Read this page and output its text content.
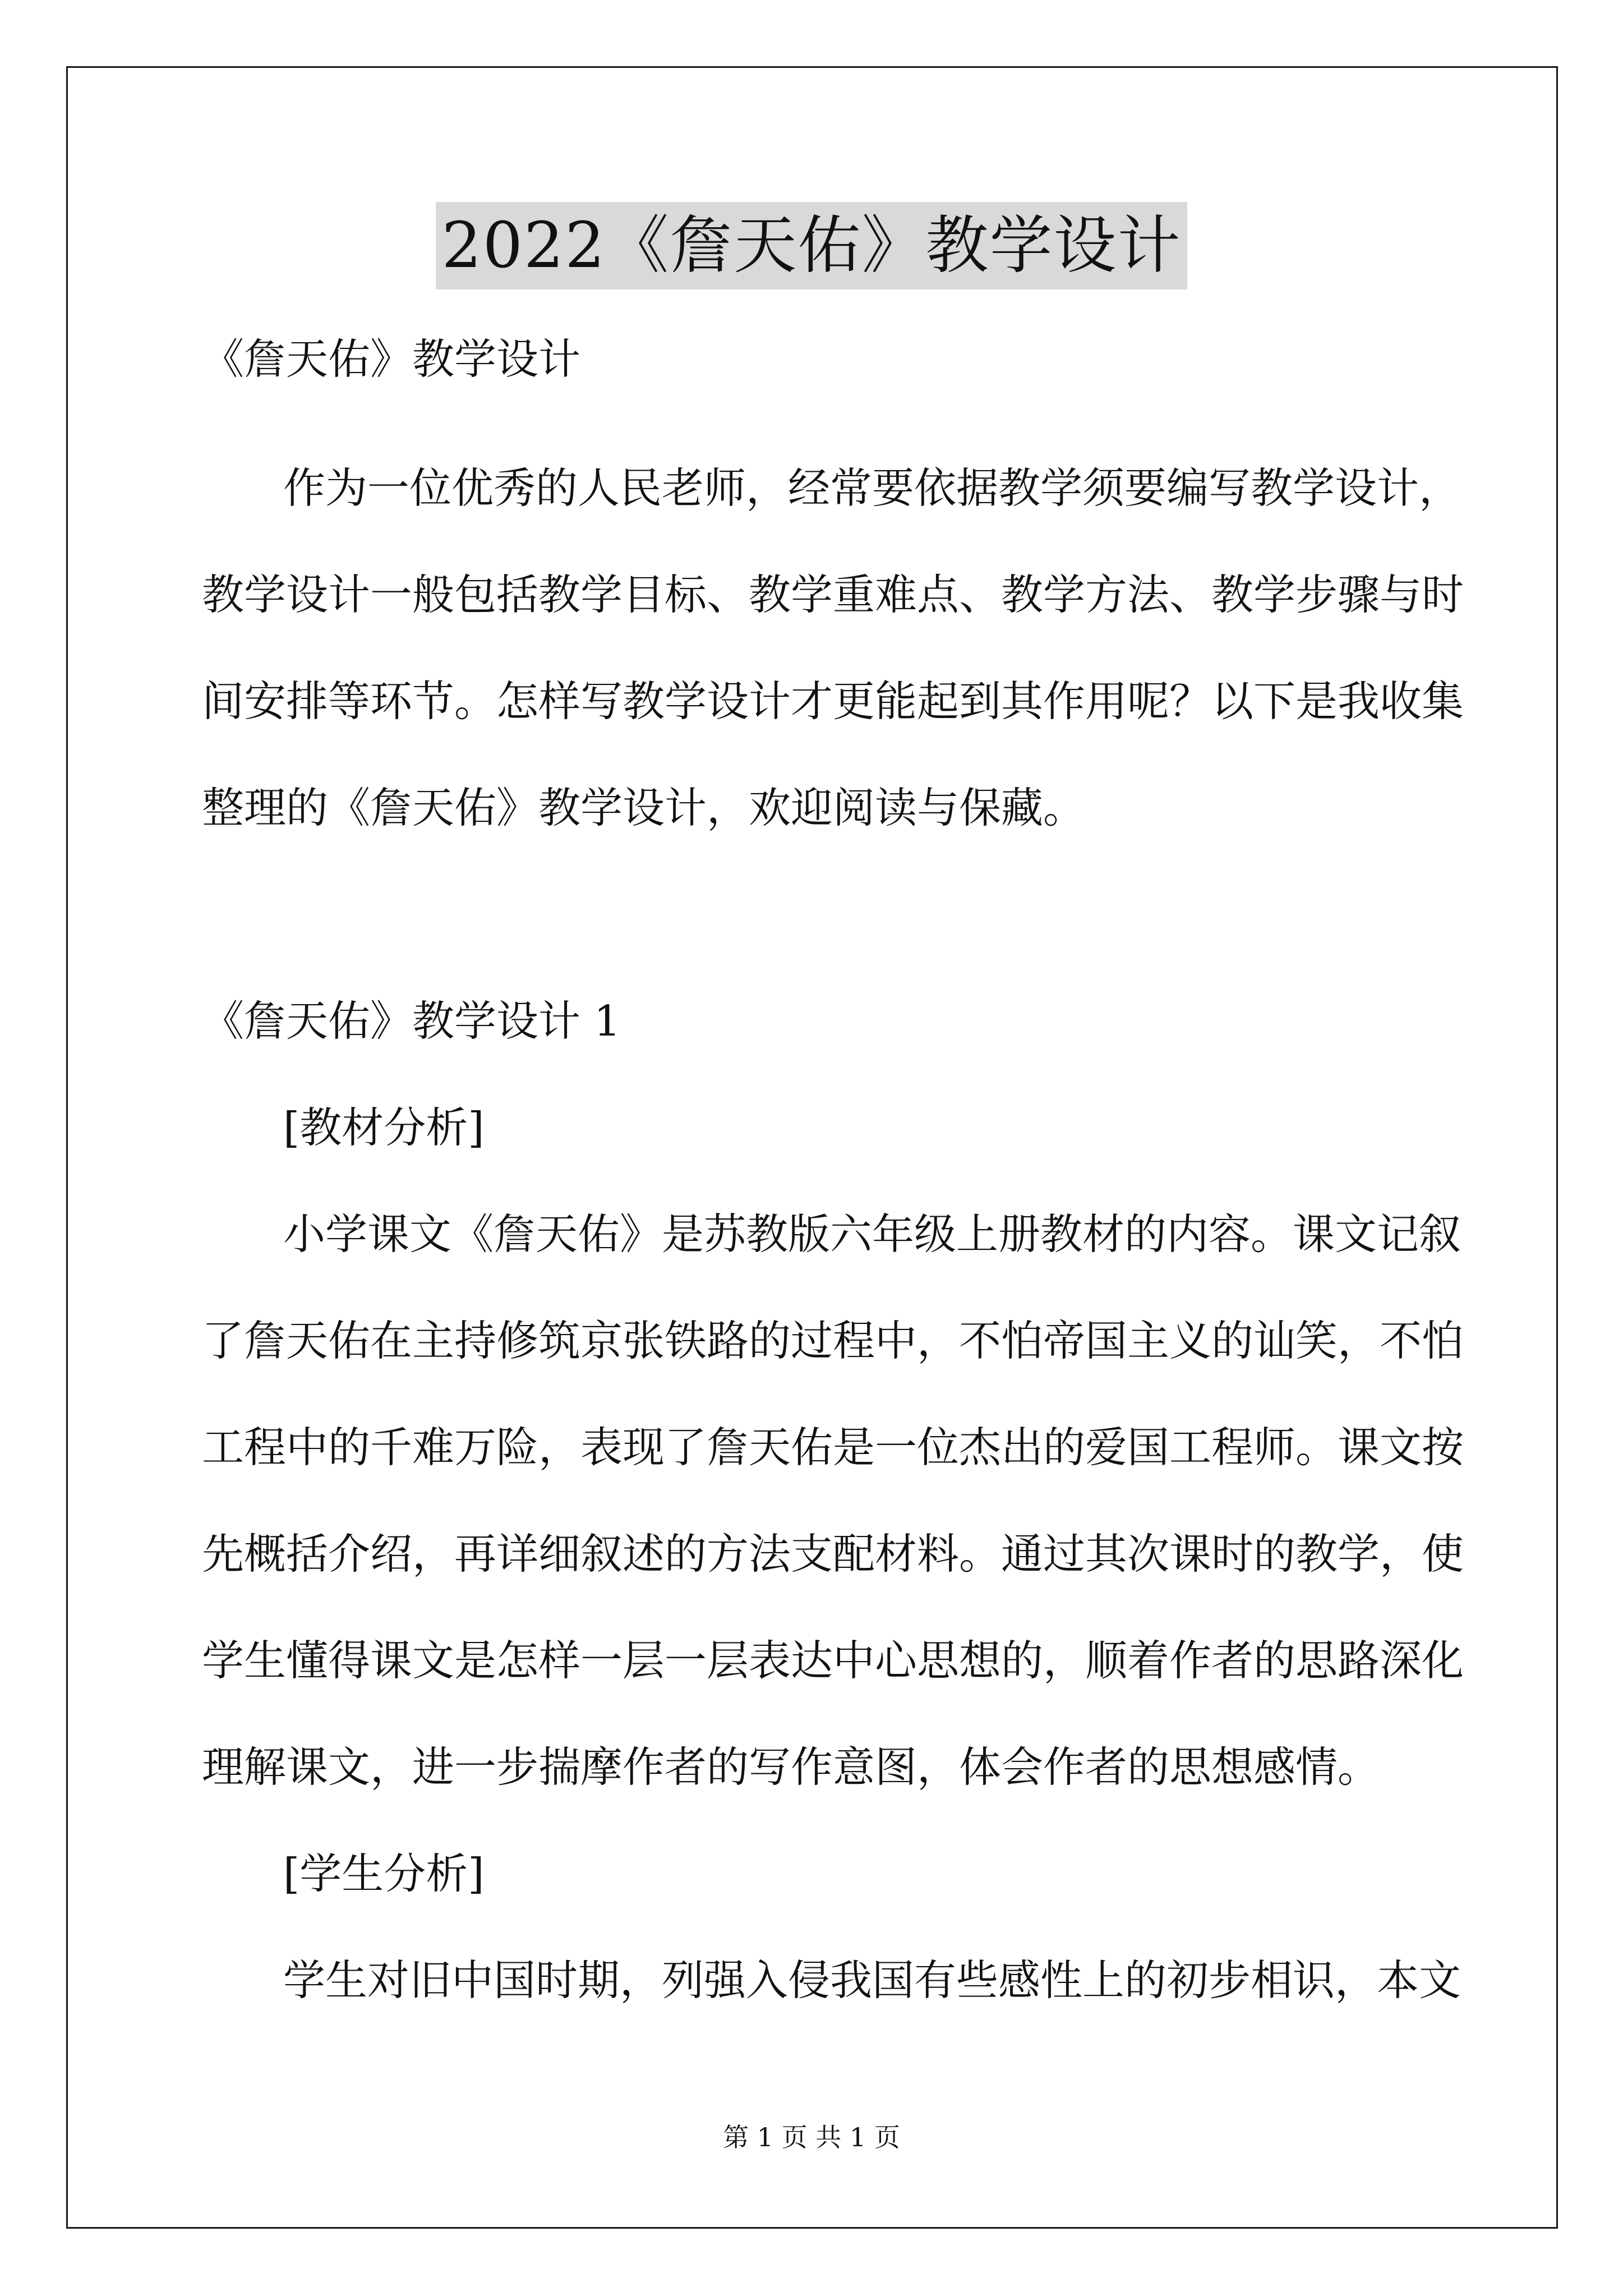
2022《詹天佑》教学设计
《詹天佑》教学设计
作为一位优秀的人民老师，经常要依据教学须要编写教学设计，
教学设计一般包括教学目标、教学重难点、教学方法、教学步骤与时
间安排等环节。怎样写教学设计才更能起到其作用呢？以下是我收集
整理的《詹天佑》教学设计，欢迎阅读与保藏。
《詹天佑》教学设计 1
[教材分析]
小学课文《詹天佑》是苏教版六年级上册教材的内容。课文记叙
了詹天佑在主持修筑京张铁路的过程中，不怕帝国主义的讪笑，不怕
工程中的千难万险，表现了詹天佑是一位杰出的爱国工程师。课文按
先概括介绍，再详细叙述的方法支配材料。通过其次课时的教学，使
学生懂得课文是怎样一层一层表达中心思想的，顺着作者的思路深化
理解课文，进一步揣摩作者的写作意图，体会作者的思想感情。
[学生分析]
学生对旧中国时期，列强入侵我国有些感性上的初步相识，本文
第 1 页 共 1 页
